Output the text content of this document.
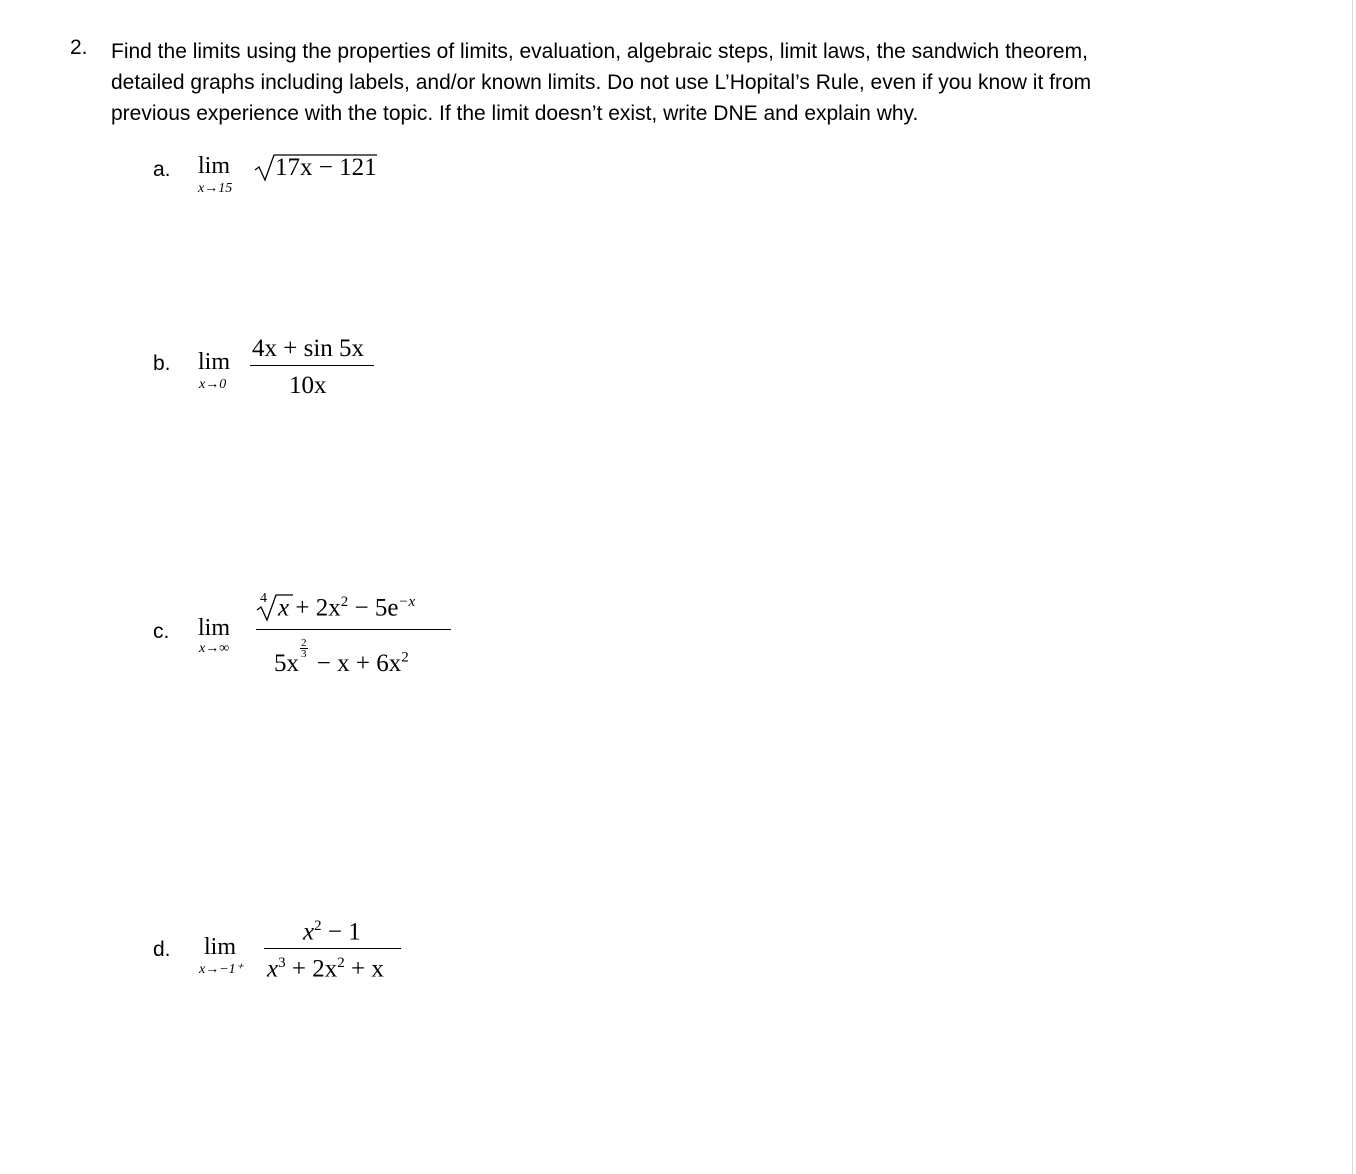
2. Find the limits using the properties of limits, evaluation, algebraic steps, limit laws, the sandwich theorem,
detailed graphs including labels, and/or known limits. Do not use L’Hopital’s Rule, even if you know it from
previous experience with the topic. If the limit doesn’t exist, write DNE and explain why.
a. lim
x→15
17x − 121
b. lim
x→0
4x + sin 5x
10x
c. lim
x→∞
4 $x + 2x^2 - 5e^{-x}$
5x
$\frac{2}{3}$
− $x + 6x^2$
d. lim
x→−1⁺
$x^2 - 1$
$x^3 + 2x^2 + x$
